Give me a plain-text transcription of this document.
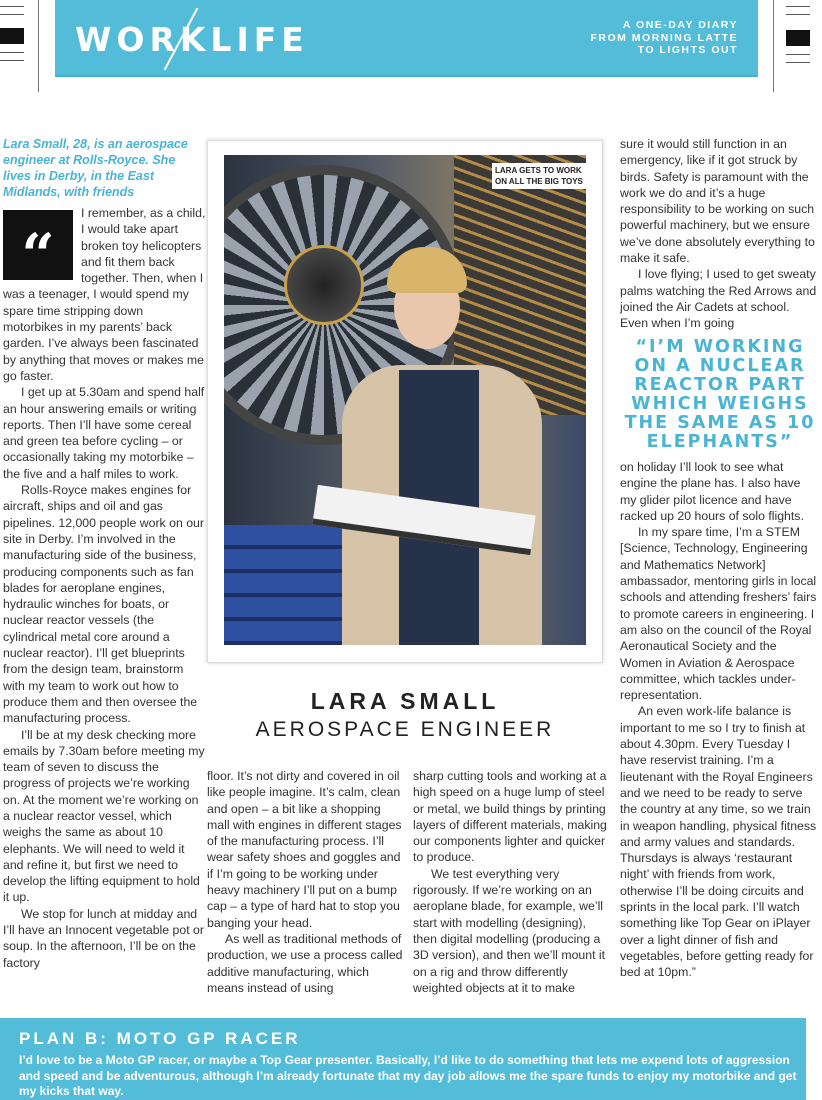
WORKLIFE	A ONE-DAY DIARY
FROM MORNING LATTE
TO LIGHTS OUT
Lara Small, 28, is an aerospace engineer at Rolls-Royce. She lives in Derby, in the East Midlands, with friends
“

I remember, as a child, I would take apart broken toy helicopters and fit them back together. Then, when I was a teenager, I would spend my spare time stripping down motorbikes in my parents’ back garden. I’ve always been fascinated by anything that moves or makes me go faster.

I get up at 5.30am and spend half an hour answering emails or writing reports. Then I’ll have some cereal and green tea before cycling – or occasionally taking my motorbike – the five and a half miles to work.

Rolls-Royce makes engines for aircraft, ships and oil and gas pipelines. 12,000 people work on our site in Derby. I’m involved in the manufacturing side of the business, producing components such as fan blades for aeroplane engines, hydraulic winches for boats, or nuclear reactor vessels (the cylindrical metal core around a nuclear reactor). I’ll get blueprints from the design team, brainstorm with my team to work out how to produce them and then oversee the manufacturing process.

I’ll be at my desk checking more emails by 7.30am before meeting my team of seven to discuss the progress of projects we’re working on. At the moment we’re working on a nuclear reactor vessel, which weighs the same as about 10 elephants. We will need to weld it and refine it, but first we need to develop the lifting equipment to hold it up.

We stop for lunch at midday and I’ll have an Innocent vegetable pot or soup. In the afternoon, I’ll be on the factory

LARA GETS TO WORK
ON ALL THE BIG TOYS
LARA SMALL
AEROSPACE ENGINEER

floor. It’s not dirty and covered in oil like people imagine. It’s calm, clean and open – a bit like a shopping mall with engines in different stages of the manufacturing process. I’ll wear safety shoes and goggles and if I’m going to be working under heavy machinery I’ll put on a bump cap – a type of hard hat to stop you banging your head.

As well as traditional methods of production, we use a process called additive manufacturing, which means instead of using

sharp cutting tools and working at a high speed on a huge lump of steel or metal, we build things by printing layers of different materials, making our components lighter and quicker to produce.

We test everything very rigorously. If we’re working on an aeroplane blade, for example, we’ll start with modelling (designing), then digital modelling (producing a 3D version), and then we’ll mount it on a rig and throw differently weighted objects at it to make

sure it would still function in an emergency, like if it got struck by birds. Safety is paramount with the work we do and it’s a huge responsibility to be working on such powerful machinery, but we ensure we’ve done absolutely everything to make it safe.

I love flying; I used to get sweaty palms watching the Red Arrows and joined the Air Cadets at school. Even when I’m going

“I’M WORKING ON A NUCLEAR REACTOR PART WHICH WEIGHS THE SAME AS 10 ELEPHANTS”

on holiday I’ll look to see what engine the plane has. I also have my glider pilot licence and have racked up 20 hours of solo flights.

In my spare time, I’m a STEM [Science, Technology, Engineering and Mathematics Network] ambassador, mentoring girls in local schools and attending freshers’ fairs to promote careers in engineering. I am also on the council of the Royal Aeronautical Society and the Women in Aviation & Aerospace committee, which tackles under-representation.

An even work-life balance is important to me so I try to finish at about 4.30pm. Every Tuesday I have reservist training. I’m a lieutenant with the Royal Engineers and we need to be ready to serve the country at any time, so we train in weapon handling, physical fitness and army values and standards. Thursdays is always ‘restaurant night’ with friends from work, otherwise I’ll be doing circuits and sprints in the local park. I’ll watch something like Top Gear on iPlayer over a light dinner of fish and vegetables, before getting ready for bed at 10pm.”

PLAN B: MOTO GP RACER

I’d love to be a Moto GP racer, or maybe a Top Gear presenter. Basically, I’d like to do something that lets me expend lots of aggression and speed and be adventurous, although I’m already fortunate that my day job allows me the spare funds to enjoy my motorbike and get my kicks that way.
